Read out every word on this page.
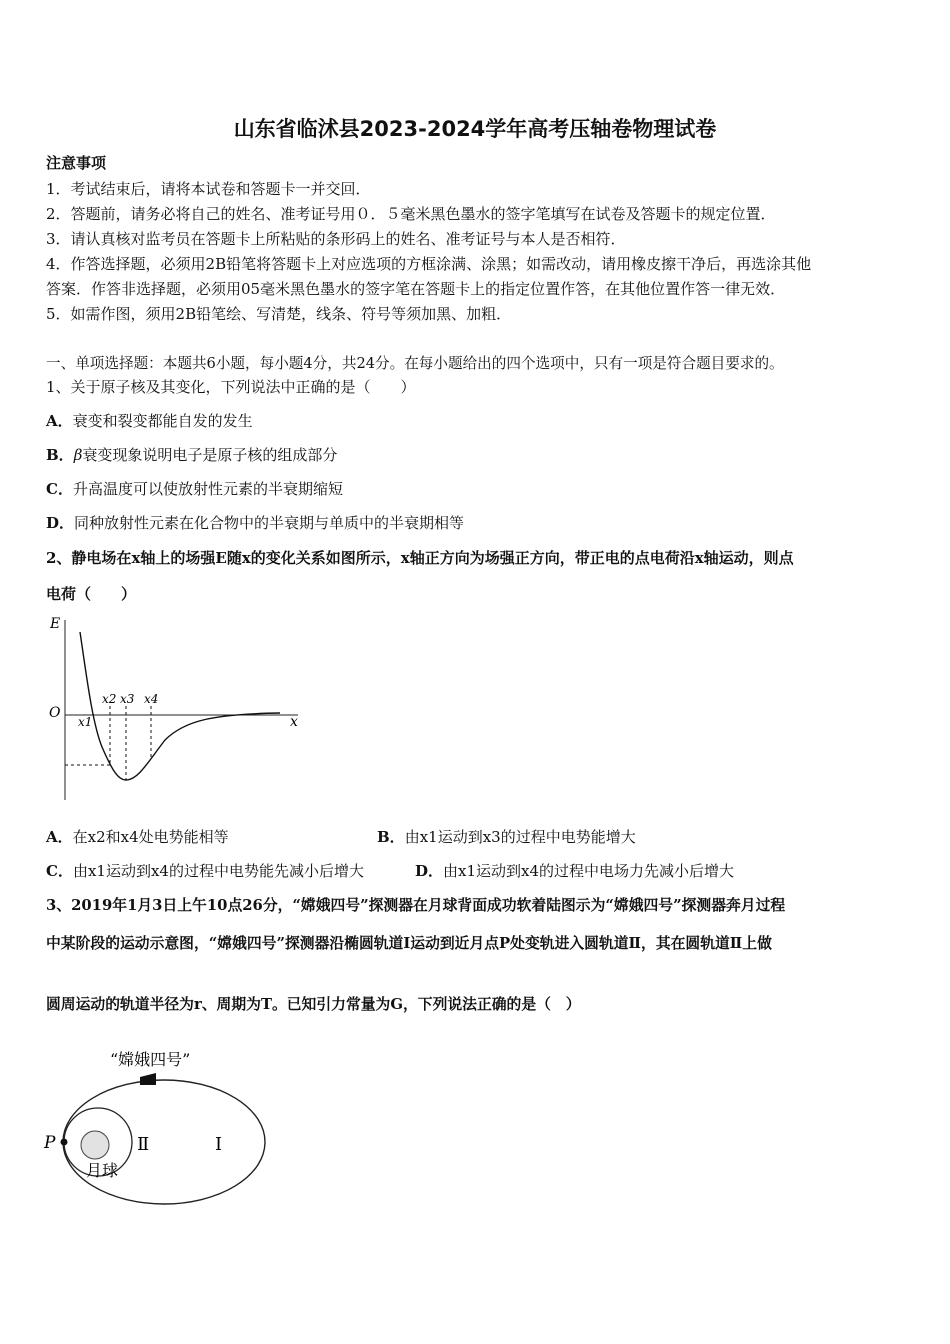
山东省临沭县2023-2024学年高考压轴卷物理试卷
注意事项
1．考试结束后，请将本试卷和答题卡一并交回．
2．答题前，请务必将自己的姓名、准考证号用０．５毫米黑色墨水的签字笔填写在试卷及答题卡的规定位置．
3．请认真核对监考员在答题卡上所粘贴的条形码上的姓名、准考证号与本人是否相符．
4．作答选择题，必须用2B铅笔将答题卡上对应选项的方框涂满、涂黑；如需改动，请用橡皮擦干净后，再选涂其他
答案．作答非选择题，必须用05毫米黑色墨水的签字笔在答题卡上的指定位置作答，在其他位置作答一律无效．
5．如需作图，须用2B铅笔绘、写清楚，线条、符号等须加黑、加粗．
一、单项选择题：本题共6小题，每小题4分，共24分。在每小题给出的四个选项中，只有一项是符合题目要求的。
1、关于原子核及其变化，下列说法中正确的是（　　）
A．衰变和裂变都能自发的发生
B．β衰变现象说明电子是原子核的组成部分
C．升高温度可以使放射性元素的半衰期缩短
D．同种放射性元素在化合物中的半衰期与单质中的半衰期相等
2、静电场在x轴上的场强E随x的变化关系如图所示，x轴正方向为场强正方向，带正电的点电荷沿x轴运动，则点
电荷（　　）
E
O
x
x1
x2 x3 x4
A．在x2和x4处电势能相等	B．由x1运动到x3的过程中电势能增大
C．由x1运动到x4的过程中电势能先减小后增大	D．由x1运动到x4的过程中电场力先减小后增大
3、2019年1月3日上午10点26分，“嫦娥四号”探测器在月球背面成功软着陆图示为“嫦娥四号”探测器奔月过程
中某阶段的运动示意图，“嫦娥四号”探测器沿椭圆轨道Ⅰ运动到近月点P处变轨进入圆轨道Ⅱ，其在圆轨道Ⅱ上做
圆周运动的轨道半径为r、周期为T。已知引力常量为G，下列说法正确的是（　）
“嫦娥四号”
P	Ⅱ	Ⅰ
月球
